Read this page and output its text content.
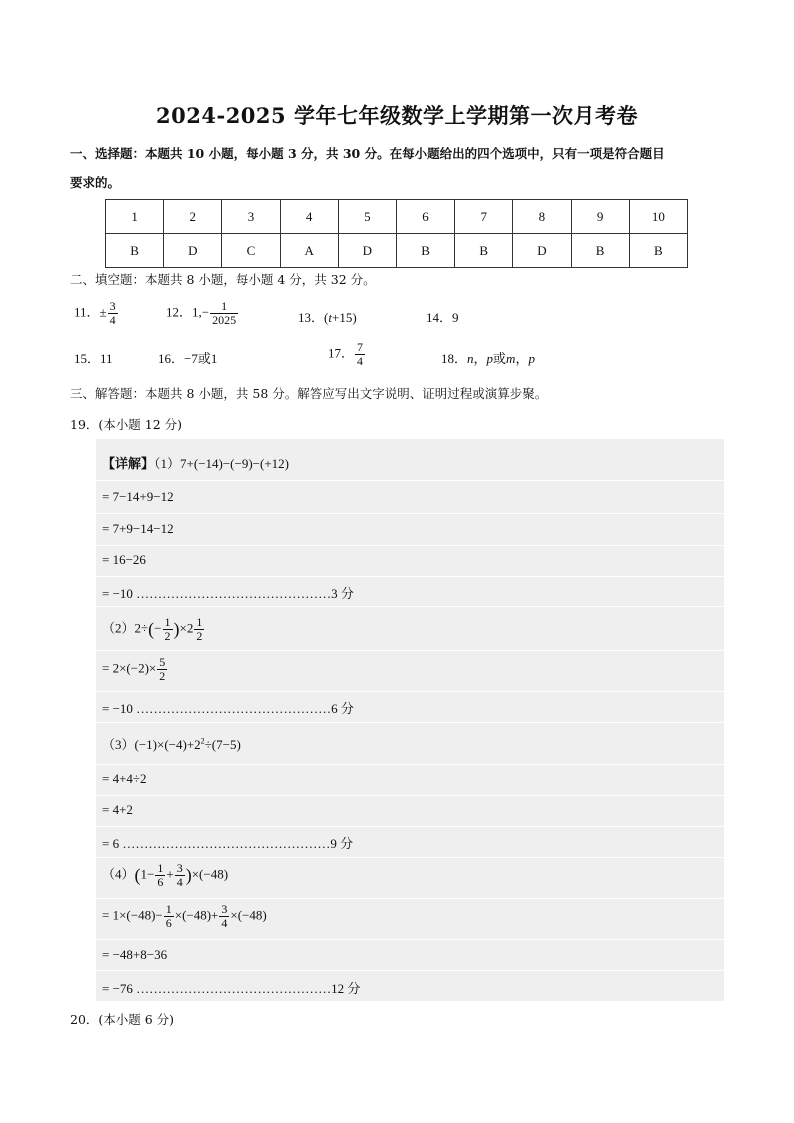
2024-2025 学年七年级数学上学期第一次月考卷
一、选择题：本题共 10 小题，每小题 3 分，共 30 分。在每小题给出的四个选项中，只有一项是符合题目
要求的。
1	2	3	4	5	6	7	8	9	10
B	D	C	A	D	B	B	D	B	B
二、填空题：本题共 8 小题，每小题 4 分，共 32 分。
11．± $\frac{3}{4}$	12．$1,- \frac{1}{2025}$	13．(t+15)	14．9
15．11	16．−7或1	17． $\frac{7}{4}$	18．n，p或m，p
三、解答题：本题共 8 小题，共 58 分。解答应写出文字说明、证明过程或演算步聚。
19．(本小题 12 分)
【详解】（1）7+(−14)−(−9)−(+12)
= 7−14+9−12
= 7+9−14−12
= 16−26
= −10 ………………………………………3 分
$(2)2\div(- \frac{1}{2} )\times 2 \frac{1}{2}$
= $2\times(-2)\times \frac{5}{2}$
= −10 ………………………………………6 分
$(3)(-1)\times(-4)+2^2\div(7-5)$
= 4+4÷2
= 4+2
= 6 …………………………………………9 分
$(4)(1- \frac{1}{6} + \frac{3}{4} )\times(-48)$
= $1\times(-48)- \frac{1}{6} \times(-48)+ \frac{3}{4} \times(-48)$
= −48+8−36
= −76 ………………………………………12 分
20．(本小题 6 分)
